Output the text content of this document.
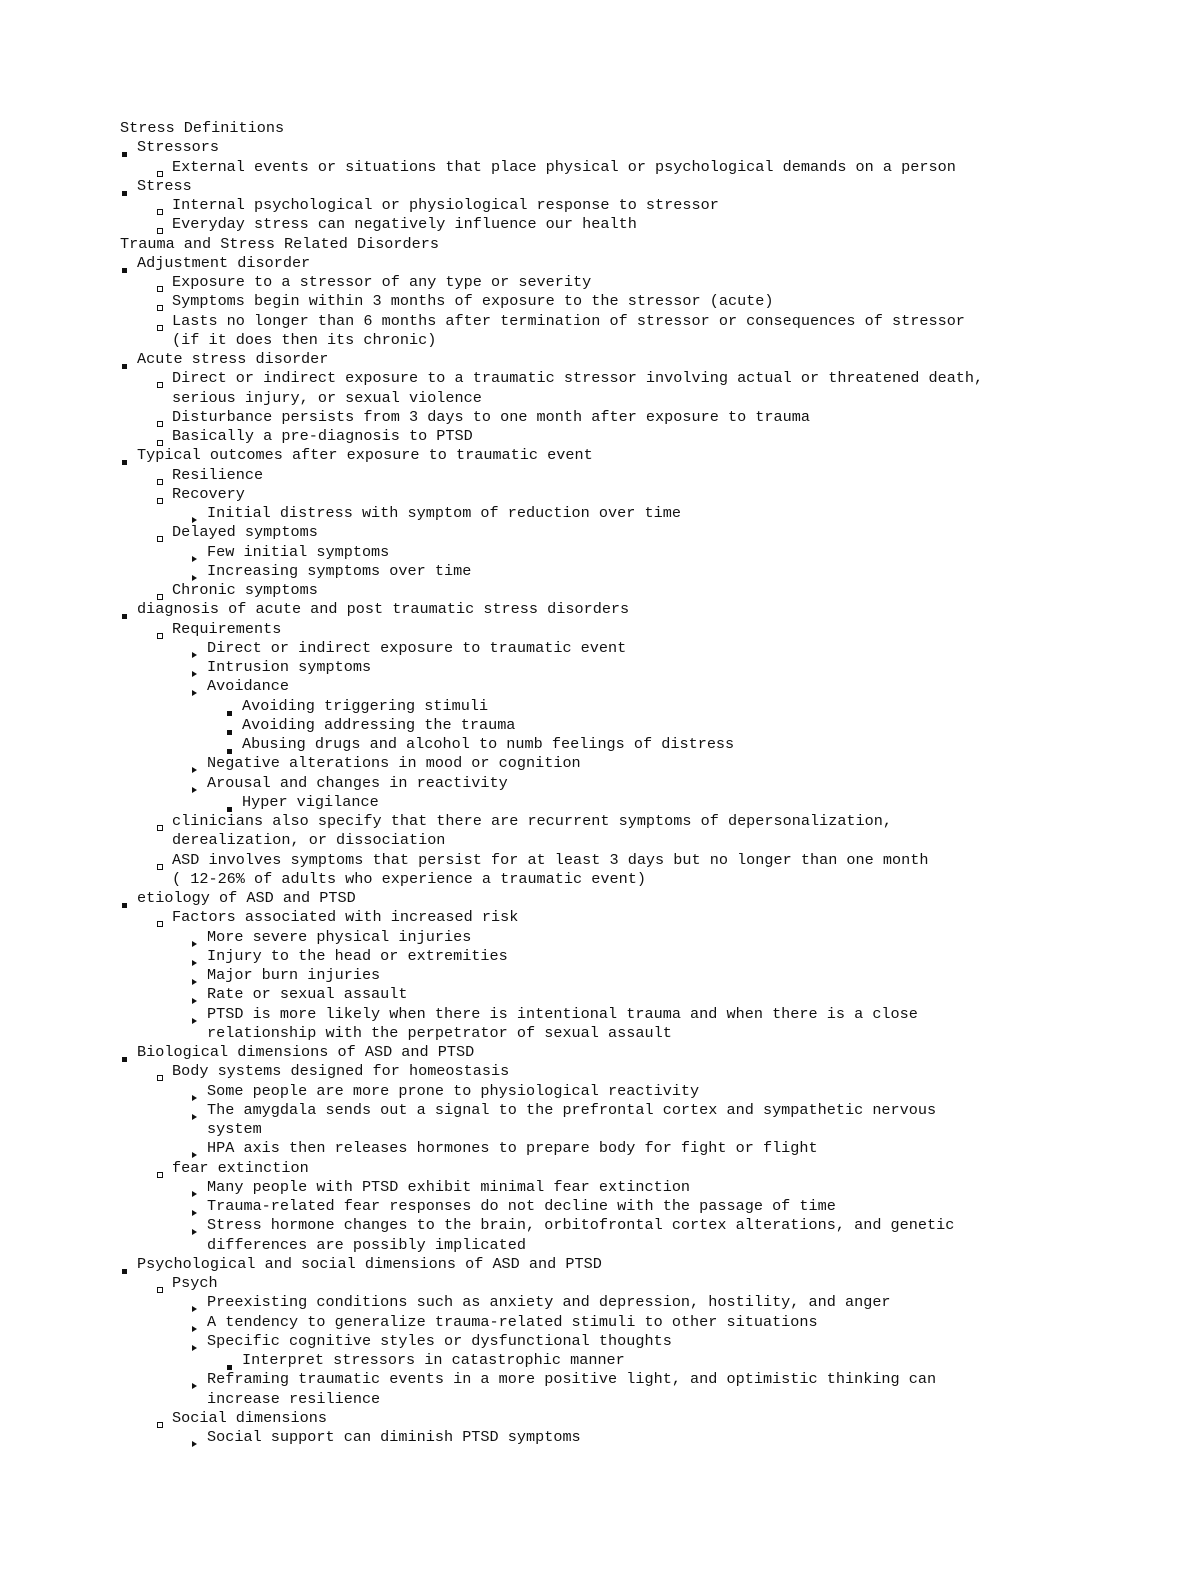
Stress Definitions
Stressors
External events or situations that place physical or psychological demands on a person
Stress
Internal psychological or physiological response to stressor
Everyday stress can negatively influence our health
Trauma and Stress Related Disorders
Adjustment disorder
Exposure to a stressor of any type or severity
Symptoms begin within 3 months of exposure to the stressor (acute)
Lasts no longer than 6 months after termination of stressor or consequences of stressor
(if it does then its chronic)
Acute stress disorder
Direct or indirect exposure to a traumatic stressor involving actual or threatened death,
serious injury, or sexual violence
Disturbance persists from 3 days to one month after exposure to trauma
Basically a pre-diagnosis to PTSD
Typical outcomes after exposure to traumatic event
Resilience
Recovery
Initial distress with symptom of reduction over time
Delayed symptoms
Few initial symptoms
Increasing symptoms over time
Chronic symptoms
diagnosis of acute and post traumatic stress disorders
Requirements
Direct or indirect exposure to traumatic event
Intrusion symptoms
Avoidance
Avoiding triggering stimuli
Avoiding addressing the trauma
Abusing drugs and alcohol to numb feelings of distress
Negative alterations in mood or cognition
Arousal and changes in reactivity
Hyper vigilance
clinicians also specify that there are recurrent symptoms of depersonalization,
derealization, or dissociation
ASD involves symptoms that persist for at least 3 days but no longer than one month
( 12-26% of adults who experience a traumatic event)
etiology of ASD and PTSD
Factors associated with increased risk
More severe physical injuries
Injury to the head or extremities
Major burn injuries
Rate or sexual assault
PTSD is more likely when there is intentional trauma and when there is a close
relationship with the perpetrator of sexual assault
Biological dimensions of ASD and PTSD
Body systems designed for homeostasis
Some people are more prone to physiological reactivity
The amygdala sends out a signal to the prefrontal cortex and sympathetic nervous
system
HPA axis then releases hormones to prepare body for fight or flight
fear extinction
Many people with PTSD exhibit minimal fear extinction
Trauma-related fear responses do not decline with the passage of time
Stress hormone changes to the brain, orbitofrontal cortex alterations, and genetic
differences are possibly implicated
Psychological and social dimensions of ASD and PTSD
Psych
Preexisting conditions such as anxiety and depression, hostility, and anger
A tendency to generalize trauma-related stimuli to other situations
Specific cognitive styles or dysfunctional thoughts
Interpret stressors in catastrophic manner
Reframing traumatic events in a more positive light, and optimistic thinking can
increase resilience
Social dimensions
Social support can diminish PTSD symptoms
